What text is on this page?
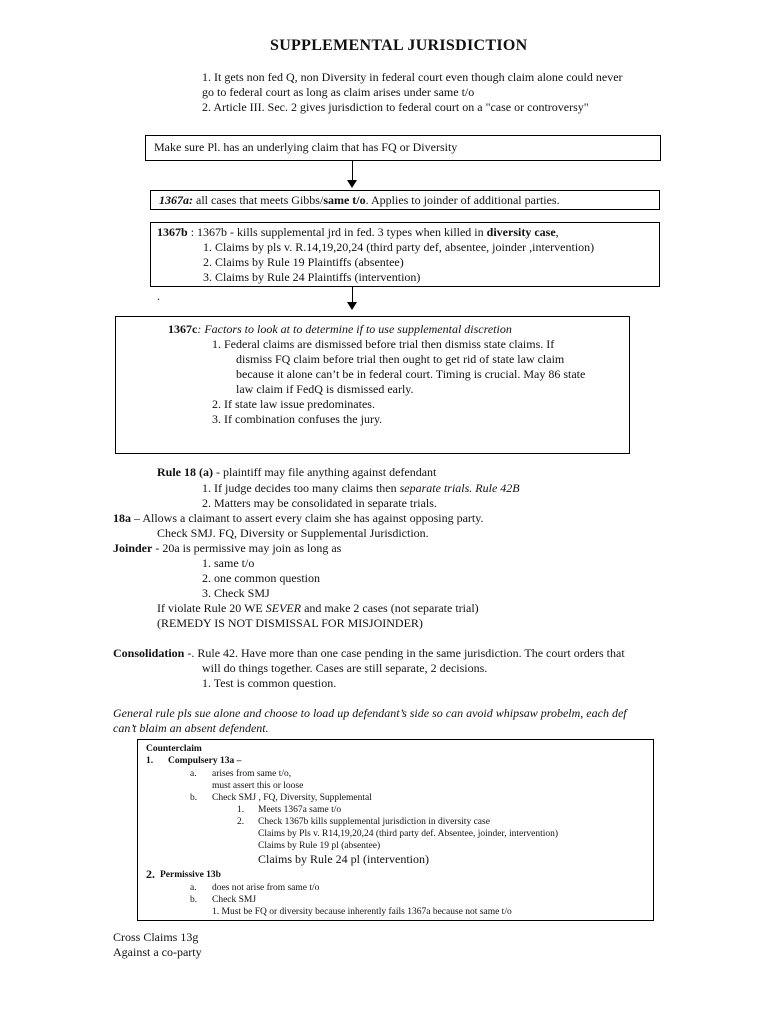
SUPPLEMENTAL JURISDICTION
1. It gets non fed Q, non Diversity in federal court even though claim alone could never
go to federal court as long as claim arises under same t/o
2. Article III. Sec. 2 gives jurisdiction to federal court on a "case or controversy"
Make sure Pl. has an underlying claim that has FQ or Diversity
1367a: all cases that meets Gibbs/same t/o. Applies to joinder of additional parties.
1367b : 1367b - kills supplemental jrd in fed. 3 types when killed in diversity case,
1. Claims by pls v. R.14,19,20,24 (third party def, absentee, joinder ,intervention)
2. Claims by Rule 19 Plaintiffs (absentee)
3. Claims by Rule 24 Plaintiffs (intervention)
.
1367c: Factors to look at to determine if to use supplemental discretion
1. Federal claims are dismissed before trial then dismiss state claims. If
dismiss FQ claim before trial then ought to get rid of state law claim
because it alone can’t be in federal court. Timing is crucial. May 86 state
law claim if FedQ is dismissed early.
2. If state law issue predominates.
3. If combination confuses the jury.
Rule 18 (a) - plaintiff may file anything against defendant
1. If judge decides too many claims then separate trials. Rule 42B
2. Matters may be consolidated in separate trials.
18a – Allows a claimant to assert every claim she has against opposing party.
Check SMJ. FQ, Diversity or Supplemental Jurisdiction.
Joinder - 20a is permissive may join as long as
1. same t/o
2. one common question
3. Check SMJ
If violate Rule 20 WE SEVER and make 2 cases (not separate trial)
(REMEDY IS NOT DISMISSAL FOR MISJOINDER)
Consolidation -. Rule 42. Have more than one case pending in the same jurisdiction. The court orders that
will do things together. Cases are still separate, 2 decisions.
1. Test is common question.
General rule pls sue alone and choose to load up defendant’s side so can avoid whipsaw probelm, each def
can’t blaim an absent defendent.
Counterclaim
1. Compulsery 13a –
a. arises from same t/o,
must assert this or loose
b. Check SMJ , FQ, Diversity, Supplemental
1. Meets 1367a same t/o
2. Check 1367b kills supplemental jurisdiction in diversity case
Claims by Pls v. R14,19,20,24 (third party def. Absentee, joinder, intervention)
Claims by Rule 19 pl (absentee)
Claims by Rule 24 pl (intervention)
2. Permissive 13b
a. does not arise from same t/o
b. Check SMJ
1. Must be FQ or diversity because inherently fails 1367a because not same t/o
Cross Claims 13g
Against a co-party
